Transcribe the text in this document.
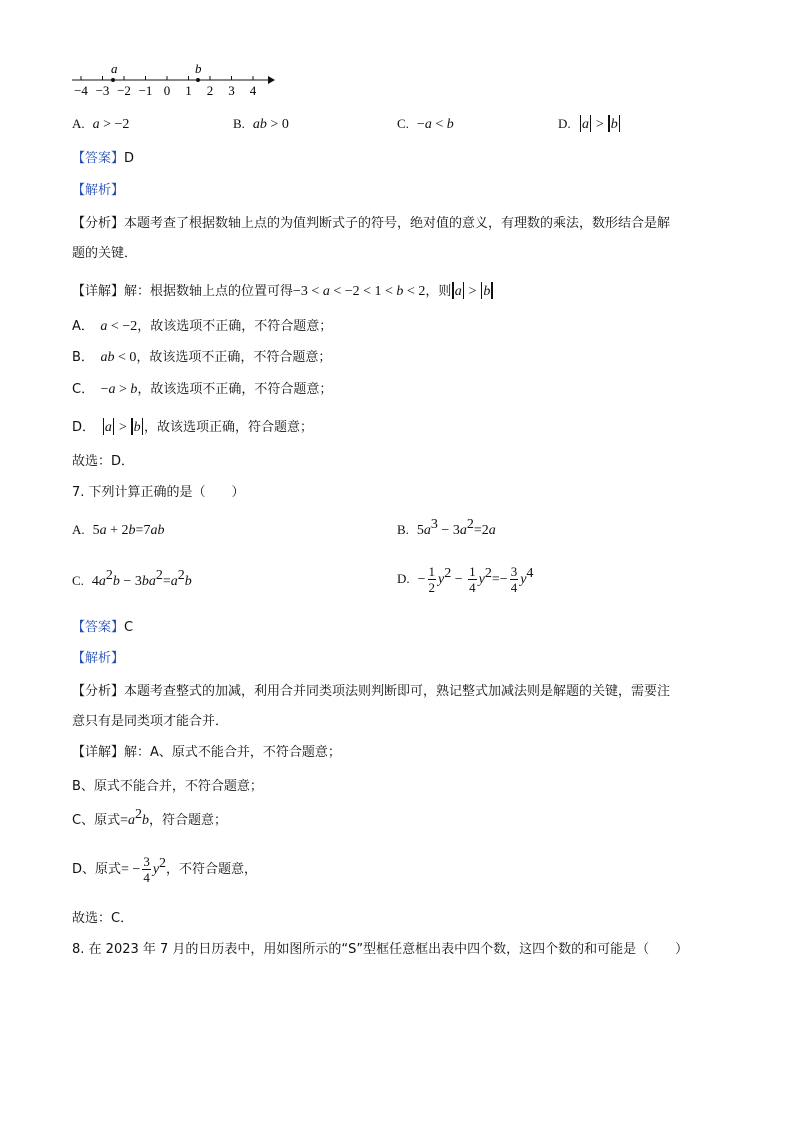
−4 −3 −2 −1 0 1 2 3 4
a	b
A. a > −2	B. ab > 0	C. −a < b	D. a > b
【答案】D
【解析】
【分析】本题考查了根据数轴上点的为值判断式子的符号，绝对值的意义，有理数的乘法，数形结合是解
题的关键．
【详解】解：根据数轴上点的位置可得−3 < a < −2 < 1 < b < 2，则 a > b
A．　 a < −2，故该选项不正确，不符合题意；
B．　 ab < 0，故该选项不正确，不符合题意；
C．　 −a > b，故该选项不正确，不符合题意；
D．　 a > b ，故该选项正确，符合题意；
故选：D．
7. 下列计算正确的是（　　）
A. 5a + 2b=7ab	B. $5a^3 - 3a^2=2a$
C. $4a^2b - 3ba^2=a^2b$	D. − $\frac{1}{2} y^2 - \frac{1}{4} y^2=- \frac{3}{4} y^4$
【答案】C
【解析】
【分析】本题考查整式的加减，利用合并同类项法则判断即可，熟记整式加减法则是解题的关键，需要注
意只有是同类项才能合并．
【详解】解：A、原式不能合并，不符合题意；
B、原式不能合并，不符合题意；
C、原式$=a^2b$，符合题意；
D、原式= − $\frac{3}{4} y^2$，不符合题意，
故选：C．
8. 在 2023 年 7 月的日历表中，用如图所示的“S”型框任意框出表中四个数，这四个数的和可能是（　　）
